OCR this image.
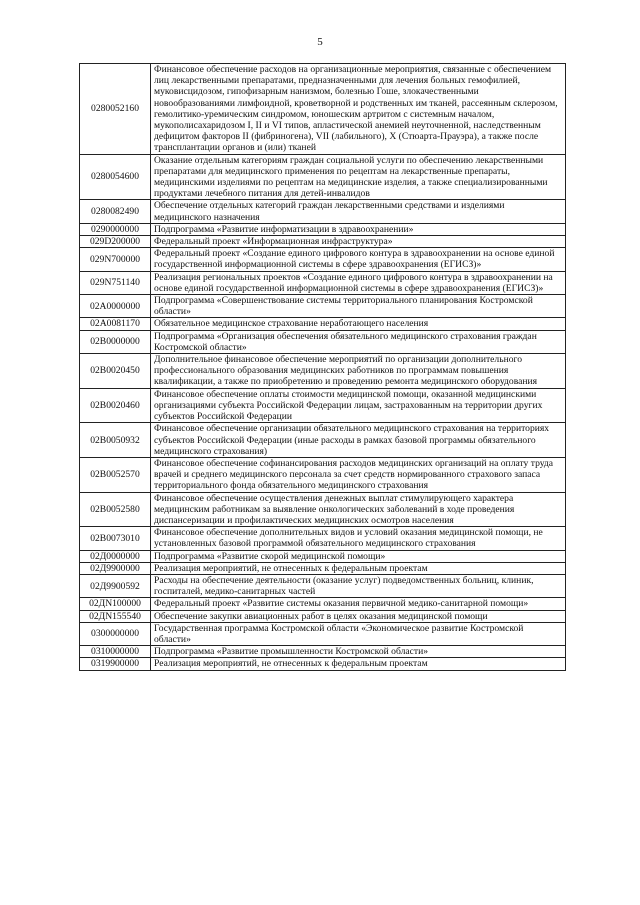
5
0280052160	Финансовое обеспечение расходов на организационные мероприятия, связанные с обеспечением лиц лекарственными препаратами, предназначенными для лечения больных гемофилией, муковисцидозом, гипофизарным нанизмом, болезнью Гоше, злокачественными новообразованиями лимфоидной, кроветворной и родственных им тканей, рассеянным склерозом, гемолитико-уремическим синдромом, юношеским артритом с системным началом, мукополисахаридозом I, II и VI типов, апластической анемией неуточненной, наследственным дефицитом факторов II (фибриногена), VII (лабильного), X (Стюарта-Прауэра), а также после трансплантации органов и (или) тканей
0280054600	Оказание отдельным категориям граждан социальной услуги по обеспечению лекарственными препаратами для медицинского применения по рецептам на лекарственные препараты, медицинскими изделиями по рецептам на медицинские изделия, а также специализированными продуктами лечебного питания для детей-инвалидов
0280082490	Обеспечение отдельных категорий граждан лекарственными средствами и изделиями медицинского назначения
0290000000	Подпрограмма «Развитие информатизации в здравоохранении»
029D200000	Федеральный проект «Информационная инфраструктура»
029N700000	Федеральный проект «Создание единого цифрового контура в здравоохранении на основе единой государственной информационной системы в сфере здравоохранения (ЕГИСЗ)»
029N751140	Реализация региональных проектов «Создание единого цифрового контура в здравоохранении на основе единой государственной информационной системы в сфере здравоохранения (ЕГИСЗ)»
02A0000000	Подпрограмма «Совершенствование системы территориального планирования Костромской области»
02A0081170	Обязательное медицинское страхование неработающего населения
02B0000000	Подпрограмма «Организация обеспечения обязательного медицинского страхования граждан Костромской области»
02B0020450	Дополнительное финансовое обеспечение мероприятий по организации дополнительного профессионального образования медицинских работников по программам повышения квалификации, а также по приобретению и проведению ремонта медицинского оборудования
02B0020460	Финансовое обеспечение оплаты стоимости медицинской помощи, оказанной медицинскими организациями субъекта Российской Федерации лицам, застрахованным на территории других субъектов Российской Федерации
02B0050932	Финансовое обеспечение организации обязательного медицинского страхования на территориях субъектов Российской Федерации (иные расходы в рамках базовой программы обязательного медицинского страхования)
02B0052570	Финансовое обеспечение софинансирования расходов медицинских организаций на оплату труда врачей и среднего медицинского персонала за счет средств нормированного страхового запаса территориального фонда обязательного медицинского страхования
02B0052580	Финансовое обеспечение осуществления денежных выплат стимулирующего характера медицинским работникам за выявление онкологических заболеваний в ходе проведения диспансеризации и профилактических медицинских осмотров населения
02B0073010	Финансовое обеспечение дополнительных видов и условий оказания медицинской помощи, не установленных базовой программой обязательного медицинского страхования
02Д0000000	Подпрограмма «Развитие скорой медицинской помощи»
02Д9900000	Реализация мероприятий, не отнесенных к федеральным проектам
02Д9900592	Расходы на обеспечение деятельности (оказание услуг) подведомственных больниц, клиник, госпиталей, медико-санитарных частей
02ДN100000	Федеральный проект «Развитие системы оказания первичной медико-санитарной помощи»
02ДN155540	Обеспечение закупки авиационных работ в целях оказания медицинской помощи
0300000000	Государственная программа Костромской области «Экономическое развитие Костромской области»
0310000000	Подпрограмма «Развитие промышленности Костромской области»
0319900000	Реализация мероприятий, не отнесенных к федеральным проектам
